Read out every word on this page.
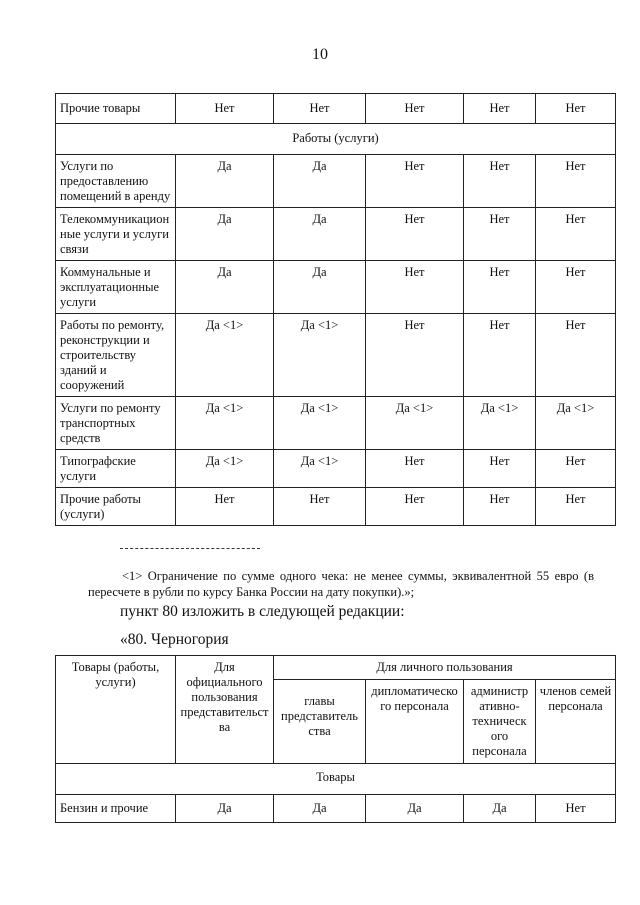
10
Прочие товары	Нет	Нет	Нет	Нет	Нет
Работы (услуги)					
Услуги по предоставлению помещений в аренду	Да	Да	Нет	Нет	Нет
Телекоммуникацион ные услуги и услуги связи	Да	Да	Нет	Нет	Нет
Коммунальные и эксплуатационные услуги	Да	Да	Нет	Нет	Нет
Работы по ремонту, реконструкции и строительству зданий и сооружений	Да <1>	Да <1>	Нет	Нет	Нет
Услуги по ремонту транспортных средств	Да <1>	Да <1>	Да <1>	Да <1>	Да <1>
Типографские услуги	Да <1>	Да <1>	Нет	Нет	Нет
Прочие работы (услуги)	Нет	Нет	Нет	Нет	Нет
<1> Ограничение по сумме одного чека: не менее суммы, эквивалентной 55 евро (в пересчете в рубли по курсу Банка России на дату покупки).»;
пункт 80 изложить в следующей редакции:
«80. Черногория
Товары (работы, услуги)	Для официального пользования представительст ва	Для личного пользования			
		главы представитель ства	дипломатическо го персонала	администр ативно-техническ ого персонала	членов семей персонала
Товары					
Бензин и прочие	Да	Да	Да	Да	Нет
